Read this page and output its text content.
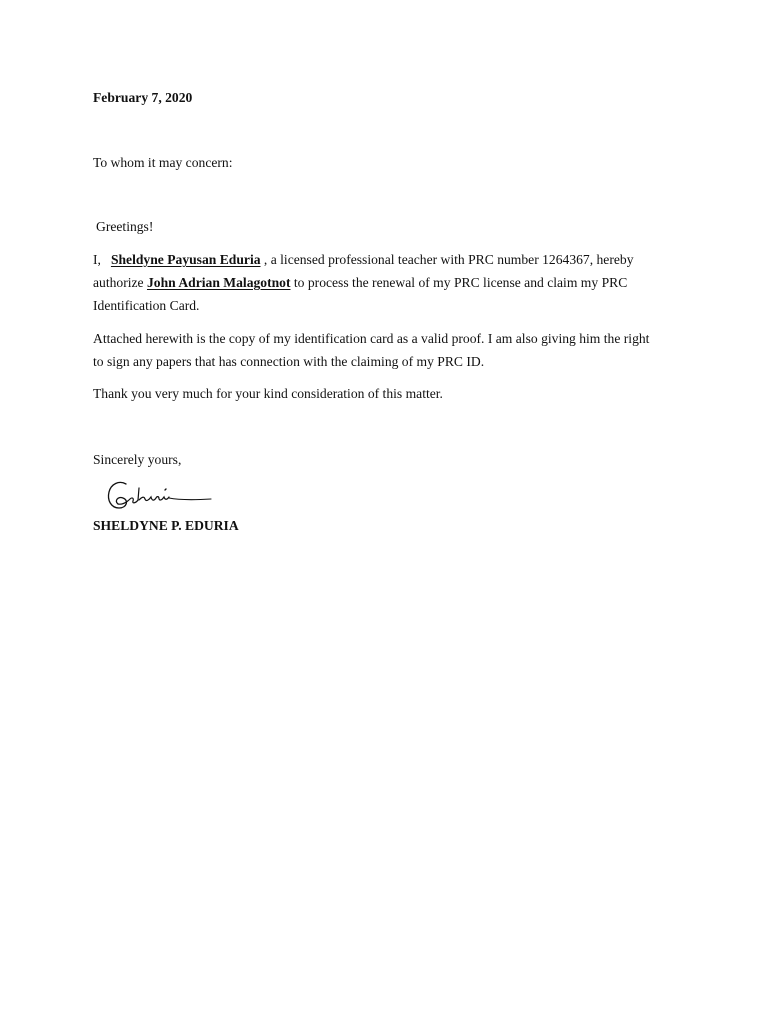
February 7, 2020
To whom it may concern:
Greetings!
I, Sheldyne Payusan Eduria , a licensed professional teacher with PRC number 1264367, hereby
authorize John Adrian Malagotnot to process the renewal of my PRC license and claim my PRC
Identification Card.
Attached herewith is the copy of my identification card as a valid proof. I am also giving him the right
to sign any papers that has connection with the claiming of my PRC ID.
Thank you very much for your kind consideration of this matter.
Sincerely yours,
SHELDYNE P. EDURIA
